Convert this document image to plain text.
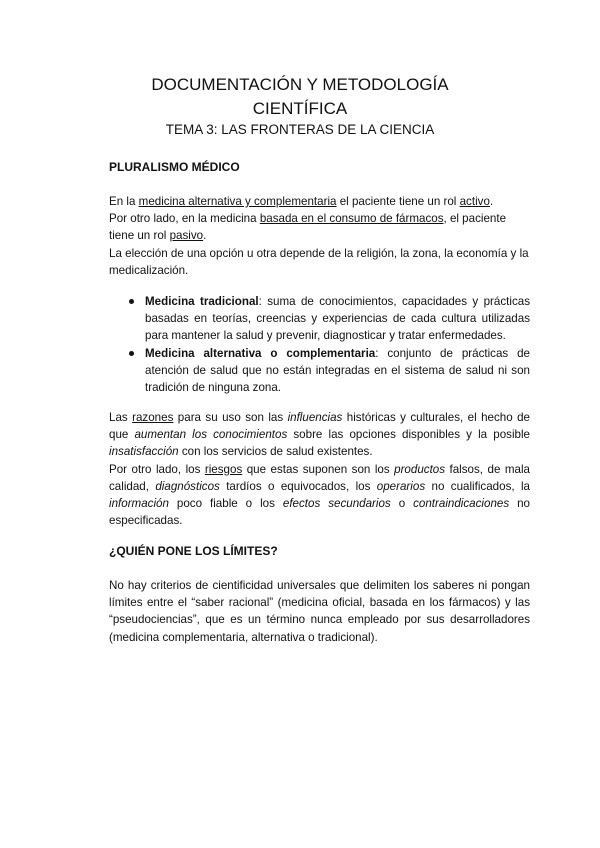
DOCUMENTACIÓN Y METODOLOGÍA
CIENTÍFICA

TEMA 3: LAS FRONTERAS DE LA CIENCIA

PLURALISMO MÉDICO

En la medicina alternativa y complementaria el paciente tiene un rol activo.

Por otro lado, en la medicina basada en el consumo de fármacos, el paciente tiene un rol pasivo.

La elección de una opción u otra depende de la religión, la zona, la economía y la medicalización.

Medicina tradicional: suma de conocimientos, capacidades y prácticas basadas en teorías, creencias y experiencias de cada cultura utilizadas para mantener la salud y prevenir, diagnosticar y tratar enfermedades.
Medicina alternativa o complementaria: conjunto de prácticas de atención de salud que no están integradas en el sistema de salud ni son tradición de ninguna zona.

Las razones para su uso son las influencias históricas y culturales, el hecho de que aumentan los conocimientos sobre las opciones disponibles y la posible insatisfacción con los servicios de salud existentes.

Por otro lado, los riesgos que estas suponen son los productos falsos, de mala calidad, diagnósticos tardíos o equivocados, los operarios no cualificados, la información poco fiable o los efectos secundarios o contraindicaciones no especificadas.

¿QUIÉN PONE LOS LÍMITES?

No hay criterios de cientificidad universales que delimiten los saberes ni pongan límites entre el “saber racional” (medicina oficial, basada en los fármacos) y las “pseudociencias”, que es un término nunca empleado por sus desarrolladores (medicina complementaria, alternativa o tradicional).
